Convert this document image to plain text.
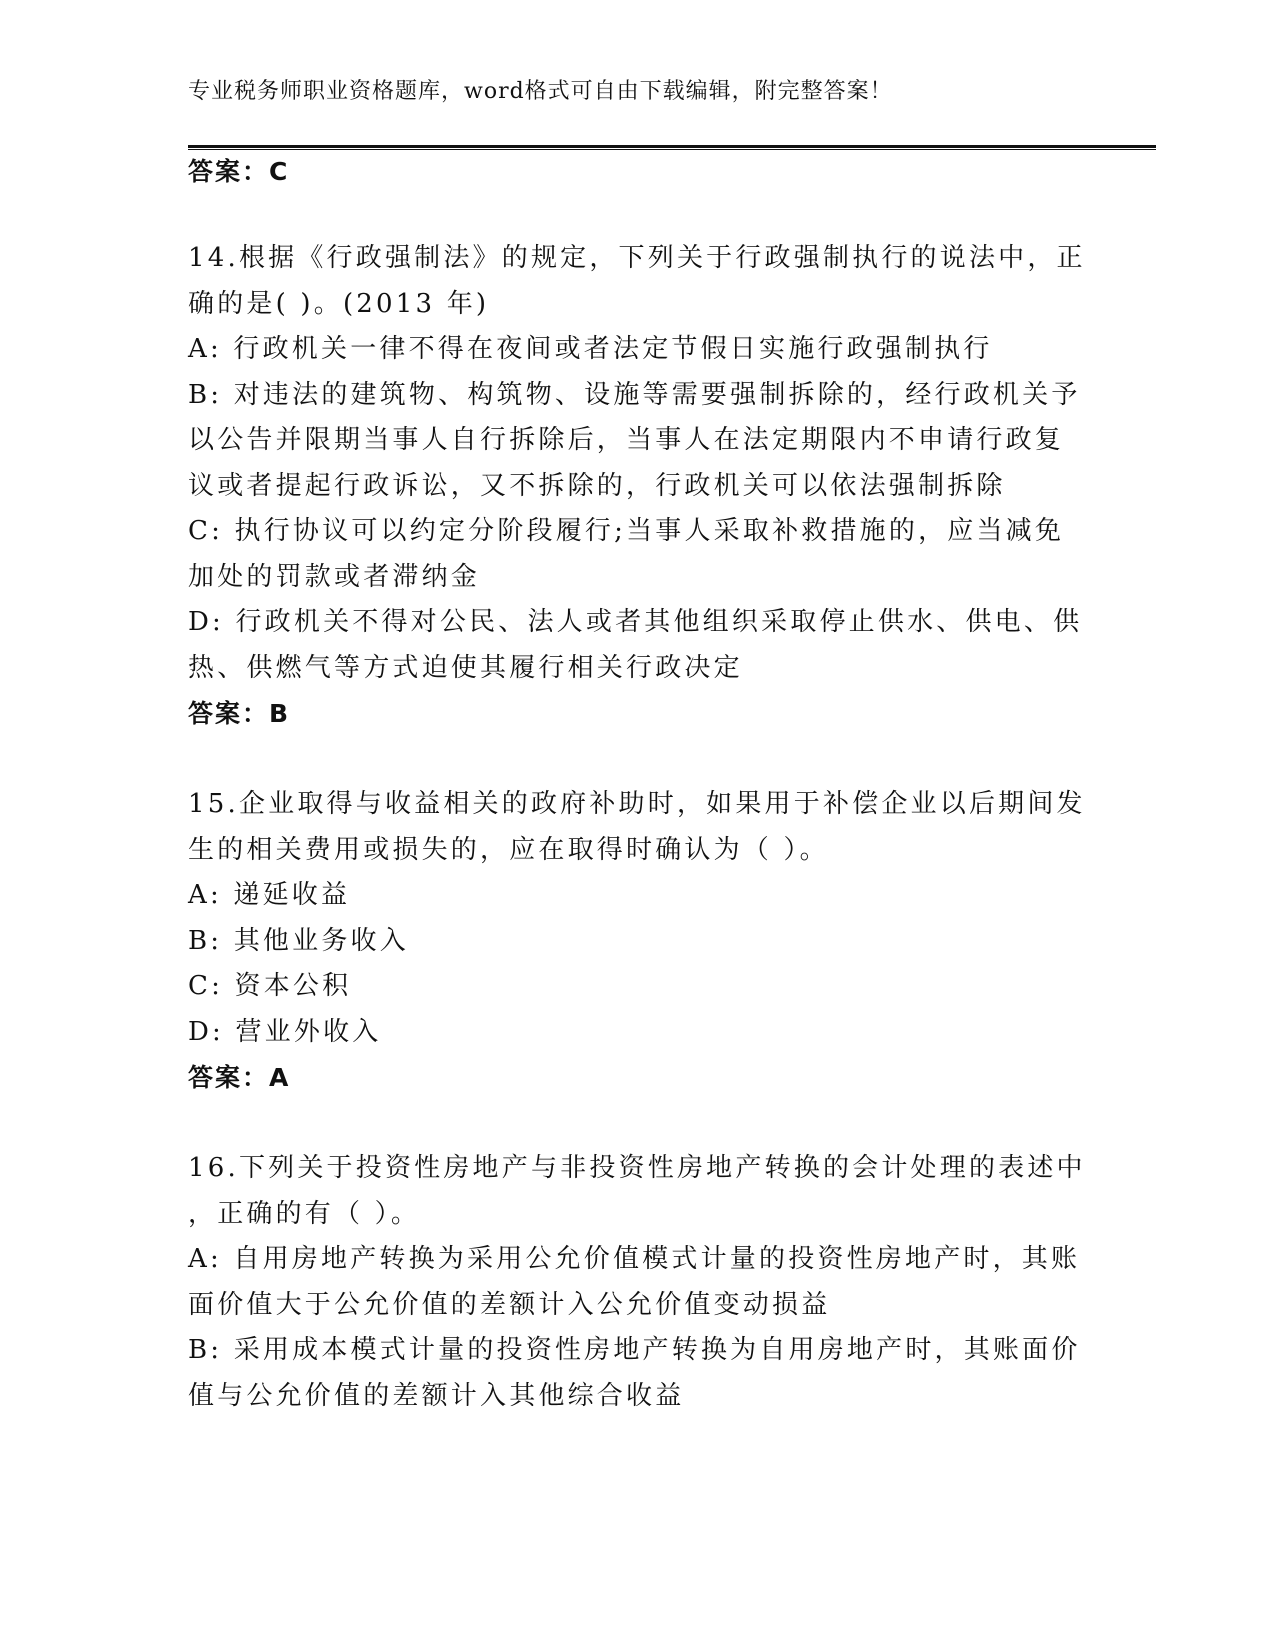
专业税务师职业资格题库，word格式可自由下载编辑，附完整答案！
答案：C
14.根据《行政强制法》的规定，下列关于行政强制执行的说法中，正
确的是( )。(2013 年)
A: 行政机关一律不得在夜间或者法定节假日实施行政强制执行
B: 对违法的建筑物、构筑物、设施等需要强制拆除的，经行政机关予
以公告并限期当事人自行拆除后，当事人在法定期限内不申请行政复
议或者提起行政诉讼，又不拆除的，行政机关可以依法强制拆除
C: 执行协议可以约定分阶段履行;当事人采取补救措施的，应当减免
加处的罚款或者滞纳金
D: 行政机关不得对公民、法人或者其他组织采取停止供水、供电、供
热、供燃气等方式迫使其履行相关行政决定
答案：B
15.企业取得与收益相关的政府补助时，如果用于补偿企业以后期间发
生的相关费用或损失的，应在取得时确认为（ ）。
A: 递延收益
B: 其他业务收入
C: 资本公积
D: 营业外收入
答案：A
16.下列关于投资性房地产与非投资性房地产转换的会计处理的表述中
，正确的有（ ）。
A: 自用房地产转换为采用公允价值模式计量的投资性房地产时，其账
面价值大于公允价值的差额计入公允价值变动损益
B: 采用成本模式计量的投资性房地产转换为自用房地产时，其账面价
值与公允价值的差额计入其他综合收益
